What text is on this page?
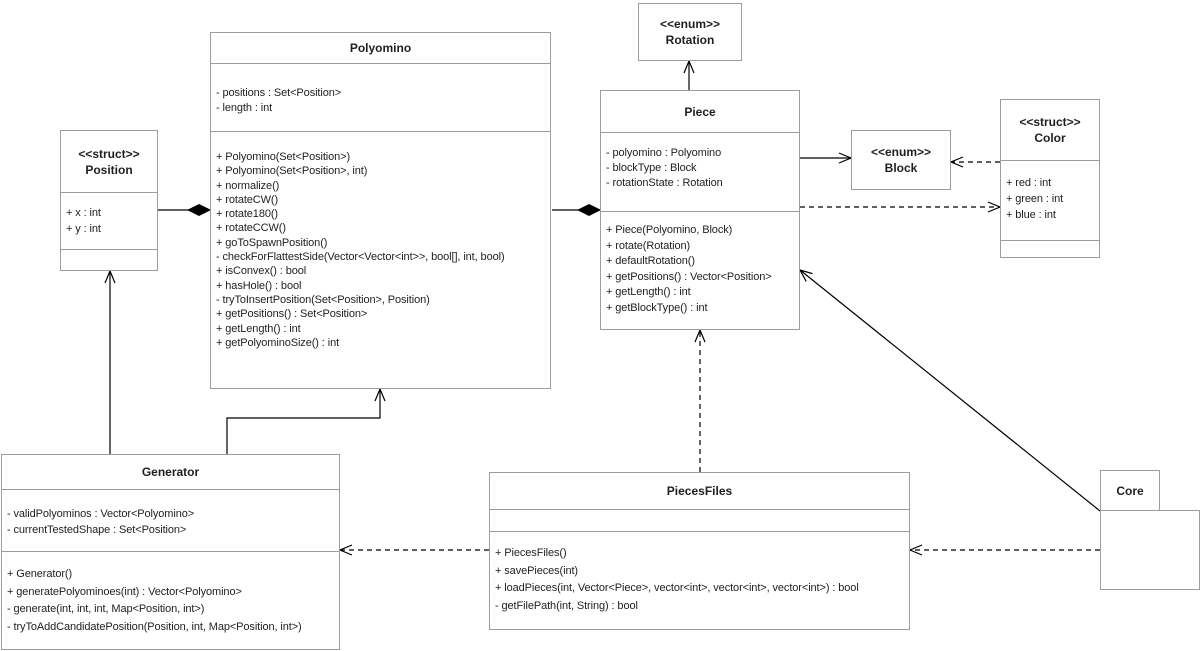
Polyomino
- positions : Set<Position>
- length : int
+ Polyomino(Set<Position>)
+ Polyomino(Set<Position>, int)
+ normalize()
+ rotateCW()
+ rotate180()
+ rotateCCW()
+ goToSpawnPosition()
- checkForFlattestSide(Vector<Vector<int>>, bool[], int, bool)
+ isConvex() : bool
+ hasHole() : bool
- tryToInsertPosition(Set<Position>, Position)
+ getPositions() : Set<Position>
+ getLength() : int
+ getPolyominoSize() : int
<<enum>>
Rotation
Piece
- polyomino : Polyomino
- blockType : Block
- rotationState : Rotation
+ Piece(Polyomino, Block)
+ rotate(Rotation)
+ defaultRotation()
+ getPositions() : Vector<Position>
+ getLength() : int
+ getBlockType() : int
<<enum>>
Block
<<struct>>
Color
+ red : int
+ green : int
+ blue : int
<<struct>>
Position
+ x : int
+ y : int
Generator
- validPolyominos : Vector<Polyomino>
- currentTestedShape : Set<Position>
+ Generator()
+ generatePolyominoes(int) : Vector<Polyomino>
- generate(int, int, int, Map<Position, int>)
- tryToAddCandidatePosition(Position, int, Map<Position, int>)
PiecesFiles
+ PiecesFiles()
+ savePieces(int)
+ loadPieces(int, Vector<Piece>, vector<int>, vector<int>, vector<int>) : bool
- getFilePath(int, String) : bool
Core
